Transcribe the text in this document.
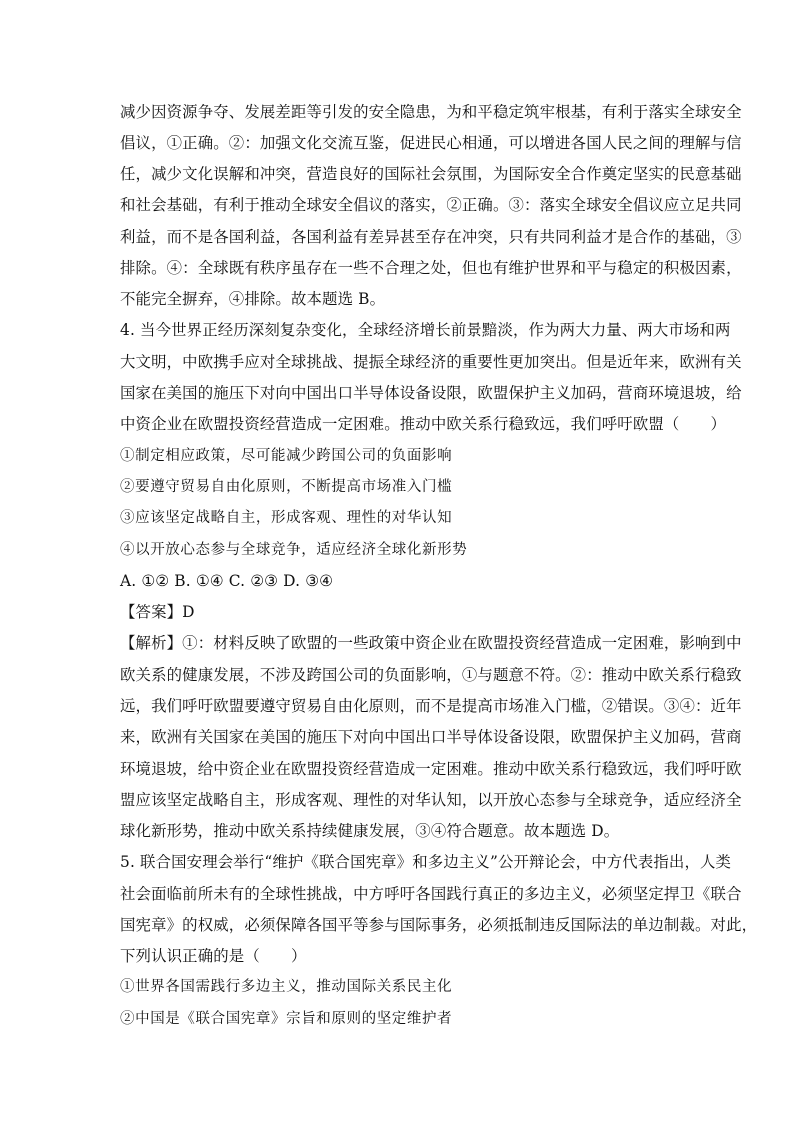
减少因资源争夺、发展差距等引发的安全隐患，为和平稳定筑牢根基，有利于落实全球安全
倡议，①正确。②：加强文化交流互鉴，促进民心相通，可以增进各国人民之间的理解与信
任，减少文化误解和冲突，营造良好的国际社会氛围，为国际安全合作奠定坚实的民意基础
和社会基础，有利于推动全球安全倡议的落实，②正确。③：落实全球安全倡议应立足共同
利益，而不是各国利益，各国利益有差异甚至存在冲突，只有共同利益才是合作的基础，③
排除。④：全球既有秩序虽存在一些不合理之处，但也有维护世界和平与稳定的积极因素，
不能完全摒弃，④排除。故本题选 B。
4. 当今世界正经历深刻复杂变化，全球经济增长前景黯淡，作为两大力量、两大市场和两
大文明，中欧携手应对全球挑战、提振全球经济的重要性更加突出。但是近年来，欧洲有关
国家在美国的施压下对向中国出口半导体设备设限，欧盟保护主义加码，营商环境退坡，给
中资企业在欧盟投资经营造成一定困难。推动中欧关系行稳致远，我们呼吁欧盟（　　）
①制定相应政策，尽可能减少跨国公司的负面影响
②要遵守贸易自由化原则，不断提高市场准入门槛
③应该坚定战略自主，形成客观、理性的对华认知
④以开放心态参与全球竞争，适应经济全球化新形势
A. ①② B. ①④ C. ②③ D. ③④
【答案】D
【解析】①：材料反映了欧盟的一些政策中资企业在欧盟投资经营造成一定困难，影响到中
欧关系的健康发展，不涉及跨国公司的负面影响，①与题意不符。②：推动中欧关系行稳致
远，我们呼吁欧盟要遵守贸易自由化原则，而不是提高市场准入门槛，②错误。③④：近年
来，欧洲有关国家在美国的施压下对向中国出口半导体设备设限，欧盟保护主义加码，营商
环境退坡，给中资企业在欧盟投资经营造成一定困难。推动中欧关系行稳致远，我们呼吁欧
盟应该坚定战略自主，形成客观、理性的对华认知，以开放心态参与全球竞争，适应经济全
球化新形势，推动中欧关系持续健康发展，③④符合题意。故本题选 D。
5. 联合国安理会举行“维护《联合国宪章》和多边主义”公开辩论会，中方代表指出，人类
社会面临前所未有的全球性挑战，中方呼吁各国践行真正的多边主义，必须坚定捍卫《联合
国宪章》的权威，必须保障各国平等参与国际事务，必须抵制违反国际法的单边制裁。对此，
下列认识正确的是（　　）
①世界各国需践行多边主义，推动国际关系民主化
②中国是《联合国宪章》宗旨和原则的坚定维护者
